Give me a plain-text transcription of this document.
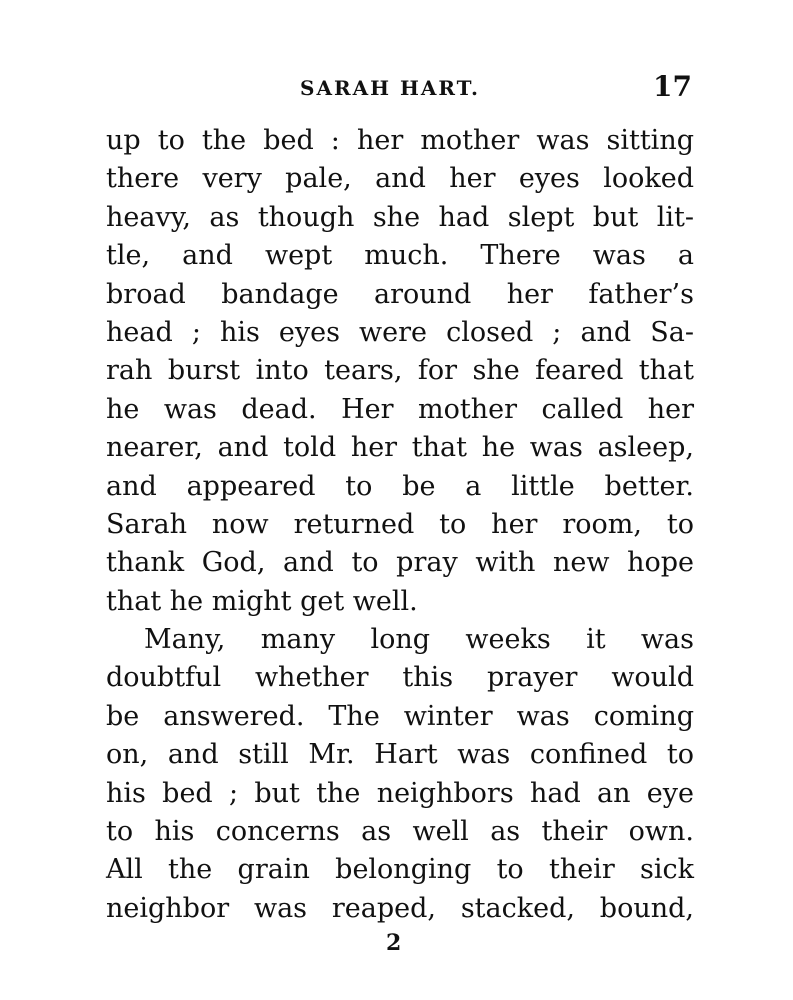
SARAH HART.	17
up to the bed : her mother was sitting
there very pale, and her eyes looked
heavy, as though she had slept but lit-
tle, and wept much. There was a
broad bandage around her father’s
head ; his eyes were closed ; and Sa-
rah burst into tears, for she feared that
he was dead. Her mother called her
nearer, and told her that he was asleep,
and appeared to be a little better.
Sarah now returned to her room, to
thank God, and to pray with new hope
that he might get well.
Many, many long weeks it was
doubtful whether this prayer would
be answered. The winter was coming
on, and still Mr. Hart was confined to
his bed ; but the neighbors had an eye
to his concerns as well as their own.
All the grain belonging to their sick
neighbor was reaped, stacked, bound,
2
